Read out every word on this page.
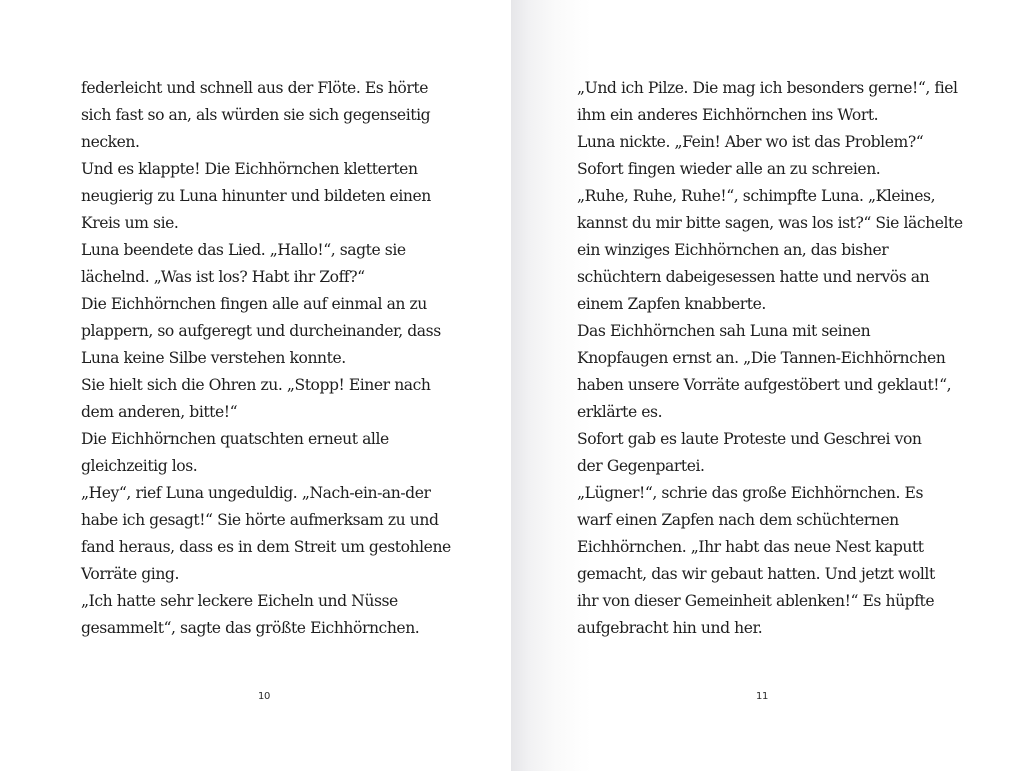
federleicht und schnell aus der Flöte. Es hörte
sich fast so an, als würden sie sich gegenseitig
necken.
Und es klappte! Die Eichhörnchen kletterten
neugierig zu Luna hinunter und bildeten einen
Kreis um sie.
Luna beendete das Lied. „Hallo!“, sagte sie
lächelnd. „Was ist los? Habt ihr Zoff?“
Die Eichhörnchen fingen alle auf einmal an zu
plappern, so aufgeregt und durcheinander, dass
Luna keine Silbe verstehen konnte.
Sie hielt sich die Ohren zu. „Stopp! Einer nach
dem anderen, bitte!“
Die Eichhörnchen quatschten erneut alle
gleichzeitig los.
„Hey“, rief Luna ungeduldig. „Nach-ein-an-der
habe ich gesagt!“ Sie hörte aufmerksam zu und
fand heraus, dass es in dem Streit um gestohlene
Vorräte ging.
„Ich hatte sehr leckere Eicheln und Nüsse
gesammelt“, sagte das größte Eichhörnchen.
10
„Und ich Pilze. Die mag ich besonders gerne!“, fiel
ihm ein anderes Eichhörnchen ins Wort.
Luna nickte. „Fein! Aber wo ist das Problem?“
Sofort fingen wieder alle an zu schreien.
„Ruhe, Ruhe, Ruhe!“, schimpfte Luna. „Kleines,
kannst du mir bitte sagen, was los ist?“ Sie lächelte
ein winziges Eichhörnchen an, das bisher
schüchtern dabeigesessen hatte und nervös an
einem Zapfen knabberte.
Das Eichhörnchen sah Luna mit seinen
Knopfaugen ernst an. „Die Tannen-Eichhörnchen
haben unsere Vorräte aufgestöbert und geklaut!“,
erklärte es.
Sofort gab es laute Proteste und Geschrei von
der Gegenpartei.
„Lügner!“, schrie das große Eichhörnchen. Es
warf einen Zapfen nach dem schüchternen
Eichhörnchen. „Ihr habt das neue Nest kaputt
gemacht, das wir gebaut hatten. Und jetzt wollt
ihr von dieser Gemeinheit ablenken!“ Es hüpfte
aufgebracht hin und her.
11
